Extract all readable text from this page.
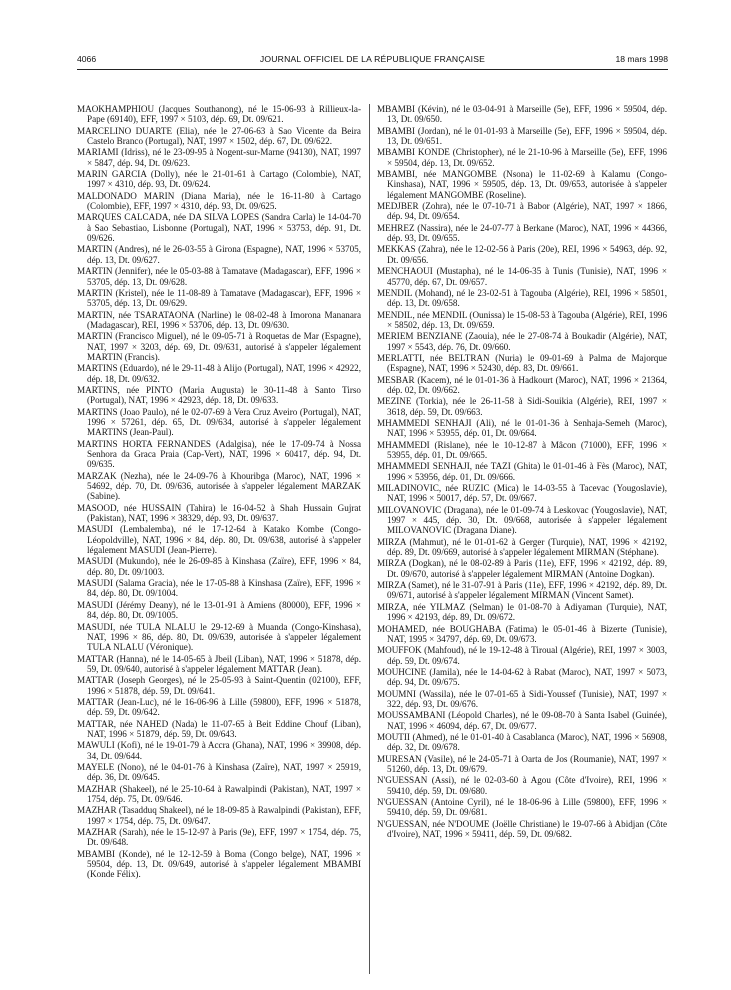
4066	JOURNAL OFFICIEL DE LA RÉPUBLIQUE FRANÇAISE	18 mars 1998

MAOKHAMPHIOU (Jacques Southanong), né le 15-06-93 à Rillieux-la-Pape (69140), EFF, 1997 × 5103, dép. 69, Dt. 09/621.

MARCELINO DUARTE (Elia), née le 27-06-63 à Sao Vicente da Beira Castelo Branco (Portugal), NAT, 1997 × 1502, dép. 67, Dt. 09/622.

MARIAMI (Idriss), né le 23-09-95 à Nogent-sur-Marne (94130), NAT, 1997 × 5847, dép. 94, Dt. 09/623.

MARIN GARCIA (Dolly), née le 21-01-61 à Cartago (Colombie), NAT, 1997 × 4310, dép. 93, Dt. 09/624.

MALDONADO MARIN (Diana Maria), née le 16-11-80 à Cartago (Colombie), EFF, 1997 × 4310, dép. 93, Dt. 09/625.

MARQUES CALCADA, née DA SILVA LOPES (Sandra Carla) le 14-04-70 à Sao Sebastiao, Lisbonne (Portugal), NAT, 1996 × 53753, dép. 91, Dt. 09/626.

MARTIN (Andres), né le 26-03-55 à Girona (Espagne), NAT, 1996 × 53705, dép. 13, Dt. 09/627.

MARTIN (Jennifer), née le 05-03-88 à Tamatave (Madagascar), EFF, 1996 × 53705, dép. 13, Dt. 09/628.

MARTIN (Kristel), née le 11-08-89 à Tamatave (Madagascar), EFF, 1996 × 53705, dép. 13, Dt. 09/629.

MARTIN, née TSARATAONA (Narline) le 08-02-48 à Imorona Mananara (Madagascar), REI, 1996 × 53706, dép. 13, Dt. 09/630.

MARTIN (Francisco Miguel), né le 09-05-71 à Roquetas de Mar (Espagne), NAT, 1997 × 3203, dép. 69, Dt. 09/631, autorisé à s'appeler légalement MARTIN (Francis).

MARTINS (Eduardo), né le 29-11-48 à Alijo (Portugal), NAT, 1996 × 42922, dép. 18, Dt. 09/632.

MARTINS, née PINTO (Maria Augusta) le 30-11-48 à Santo Tirso (Portugal), NAT, 1996 × 42923, dép. 18, Dt. 09/633.

MARTINS (Joao Paulo), né le 02-07-69 à Vera Cruz Aveiro (Portugal), NAT, 1996 × 57261, dép. 65, Dt. 09/634, autorisé à s'appeler légalement MARTINS (Jean-Paul).

MARTINS HORTA FERNANDES (Adalgisa), née le 17-09-74 à Nossa Senhora da Graca Praia (Cap-Vert), NAT, 1996 × 60417, dép. 94, Dt. 09/635.

MARZAK (Nezha), née le 24-09-76 à Khouribga (Maroc), NAT, 1996 × 54692, dép. 70, Dt. 09/636, autorisée à s'appeler légalement MARZAK (Sabine).

MASOOD, née HUSSAIN (Tahira) le 16-04-52 à Shah Hussain Gujrat (Pakistan), NAT, 1996 × 38329, dép. 93, Dt. 09/637.

MASUDI (Lembalemba), né le 17-12-64 à Katako Kombe (Congo-Léopoldville), NAT, 1996 × 84, dép. 80, Dt. 09/638, autorisé à s'appeler légalement MASUDI (Jean-Pierre).

MASUDI (Mukundo), née le 26-09-85 à Kinshasa (Zaïre), EFF, 1996 × 84, dép. 80, Dt. 09/1003.

MASUDI (Salama Gracia), née le 17-05-88 à Kinshasa (Zaïre), EFF, 1996 × 84, dép. 80, Dt. 09/1004.

MASUDI (Jérémy Deany), né le 13-01-91 à Amiens (80000), EFF, 1996 × 84, dép. 80, Dt. 09/1005.

MASUDI, née TULA NLALU le 29-12-69 à Muanda (Congo-Kinshasa), NAT, 1996 × 86, dép. 80, Dt. 09/639, autorisée à s'appeler légalement TULA NLALU (Véronique).

MATTAR (Hanna), né le 14-05-65 à Jbeil (Liban), NAT, 1996 × 51878, dép. 59, Dt. 09/640, autorisé à s'appeler légalement MATTAR (Jean).

MATTAR (Joseph Georges), né le 25-05-93 à Saint-Quentin (02100), EFF, 1996 × 51878, dép. 59, Dt. 09/641.

MATTAR (Jean-Luc), né le 16-06-96 à Lille (59800), EFF, 1996 × 51878, dép. 59, Dt. 09/642.

MATTAR, née NAHED (Nada) le 11-07-65 à Beit Eddine Chouf (Liban), NAT, 1996 × 51879, dép. 59, Dt. 09/643.

MAWULI (Kofi), né le 19-01-79 à Accra (Ghana), NAT, 1996 × 39908, dép. 34, Dt. 09/644.

MAYELE (Nono), né le 04-01-76 à Kinshasa (Zaïre), NAT, 1997 × 25919, dép. 36, Dt. 09/645.

MAZHAR (Shakeel), né le 25-10-64 à Rawalpindi (Pakistan), NAT, 1997 × 1754, dép. 75, Dt. 09/646.

MAZHAR (Tasadduq Shakeel), né le 18-09-85 à Rawalpindi (Pakistan), EFF, 1997 × 1754, dép. 75, Dt. 09/647.

MAZHAR (Sarah), née le 15-12-97 à Paris (9e), EFF, 1997 × 1754, dép. 75, Dt. 09/648.

MBAMBI (Konde), né le 12-12-59 à Boma (Congo belge), NAT, 1996 × 59504, dép. 13, Dt. 09/649, autorisé à s'appeler légalement MBAMBI (Konde Félix).

MBAMBI (Kévin), né le 03-04-91 à Marseille (5e), EFF, 1996 × 59504, dép. 13, Dt. 09/650.

MBAMBI (Jordan), né le 01-01-93 à Marseille (5e), EFF, 1996 × 59504, dép. 13, Dt. 09/651.

MBAMBI KONDE (Christopher), né le 21-10-96 à Marseille (5e), EFF, 1996 × 59504, dép. 13, Dt. 09/652.

MBAMBI, née MANGOMBE (Nsona) le 11-02-69 à Kalamu (Congo-Kinshasa), NAT, 1996 × 59505, dép. 13, Dt. 09/653, autorisée à s'appeler légalement MANGOMBE (Roseline).

MEDJBER (Zohra), née le 07-10-71 à Babor (Algérie), NAT, 1997 × 1866, dép. 94, Dt. 09/654.

MEHREZ (Nassira), née le 24-07-77 à Berkane (Maroc), NAT, 1996 × 44366, dép. 93, Dt. 09/655.

MEKKAS (Zahra), née le 12-02-56 à Paris (20e), REI, 1996 × 54963, dép. 92, Dt. 09/656.

MENCHAOUI (Mustapha), né le 14-06-35 à Tunis (Tunisie), NAT, 1996 × 45770, dép. 67, Dt. 09/657.

MENDIL (Mohand), né le 23-02-51 à Tagouba (Algérie), REI, 1996 × 58501, dép. 13, Dt. 09/658.

MENDIL, née MENDIL (Ounissa) le 15-08-53 à Tagouba (Algérie), REI, 1996 × 58502, dép. 13, Dt. 09/659.

MERIEM BENZIANE (Zaouia), née le 27-08-74 à Boukadir (Algérie), NAT, 1997 × 5543, dép. 76, Dt. 09/660.

MERLATTI, née BELTRAN (Nuria) le 09-01-69 à Palma de Majorque (Espagne), NAT, 1996 × 52430, dép. 83, Dt. 09/661.

MESBAR (Kacem), né le 01-01-36 à Hadkourt (Maroc), NAT, 1996 × 21364, dép. 02, Dt. 09/662.

MEZINE (Torkia), née le 26-11-58 à Sidi-Souikia (Algérie), REI, 1997 × 3618, dép. 59, Dt. 09/663.

MHAMMEDI SENHAJI (Ali), né le 01-01-36 à Senhaja-Semeh (Maroc), NAT, 1996 × 53955, dép. 01, Dt. 09/664.

MHAMMEDI (Rislane), née le 10-12-87 à Mâcon (71000), EFF, 1996 × 53955, dép. 01, Dt. 09/665.

MHAMMEDI SENHAJI, née TAZI (Ghita) le 01-01-46 à Fès (Maroc), NAT, 1996 × 53956, dép. 01, Dt. 09/666.

MILADINOVIC, née RUZIC (Mica) le 14-03-55 à Tacevac (Yougoslavie), NAT, 1996 × 50017, dép. 57, Dt. 09/667.

MILOVANOVIC (Dragana), née le 01-09-74 à Leskovac (Yougoslavie), NAT, 1997 × 445, dép. 30, Dt. 09/668, autorisée à s'appeler légalement MILOVANOVIC (Dragana Diane).

MIRZA (Mahmut), né le 01-01-62 à Gerger (Turquie), NAT, 1996 × 42192, dép. 89, Dt. 09/669, autorisé à s'appeler légalement MIRMAN (Stéphane).

MIRZA (Dogkan), né le 08-02-89 à Paris (11e), EFF, 1996 × 42192, dép. 89, Dt. 09/670, autorisé à s'appeler légalement MIRMAN (Antoine Dogkan).

MIRZA (Samet), né le 31-07-91 à Paris (11e), EFF, 1996 × 42192, dép. 89, Dt. 09/671, autorisé à s'appeler légalement MIRMAN (Vincent Samet).

MIRZA, née YILMAZ (Selman) le 01-08-70 à Adiyaman (Turquie), NAT, 1996 × 42193, dép. 89, Dt. 09/672.

MOHAMED, née BOUGHABA (Fatima) le 05-01-46 à Bizerte (Tunisie), NAT, 1995 × 34797, dép. 69, Dt. 09/673.

MOUFFOK (Mahfoud), né le 19-12-48 à Tiroual (Algérie), REI, 1997 × 3003, dép. 59, Dt. 09/674.

MOUHCINE (Jamila), née le 14-04-62 à Rabat (Maroc), NAT, 1997 × 5073, dép. 94, Dt. 09/675.

MOUMNI (Wassila), née le 07-01-65 à Sidi-Youssef (Tunisie), NAT, 1997 × 322, dép. 93, Dt. 09/676.

MOUSSAMBANI (Léopold Charles), né le 09-08-70 à Santa Isabel (Guinée), NAT, 1996 × 46094, dép. 67, Dt. 09/677.

MOUTII (Ahmed), né le 01-01-40 à Casablanca (Maroc), NAT, 1996 × 56908, dép. 32, Dt. 09/678.

MURESAN (Vasile), né le 24-05-71 à Oarta de Jos (Roumanie), NAT, 1997 × 51260, dép. 13, Dt. 09/679.

N'GUESSAN (Assi), né le 02-03-60 à Agou (Côte d'Ivoire), REI, 1996 × 59410, dép. 59, Dt. 09/680.

N'GUESSAN (Antoine Cyril), né le 18-06-96 à Lille (59800), EFF, 1996 × 59410, dép. 59, Dt. 09/681.

N'GUESSAN, née N'DOUME (Joëlle Christiane) le 19-07-66 à Abidjan (Côte d'Ivoire), NAT, 1996 × 59411, dép. 59, Dt. 09/682.
